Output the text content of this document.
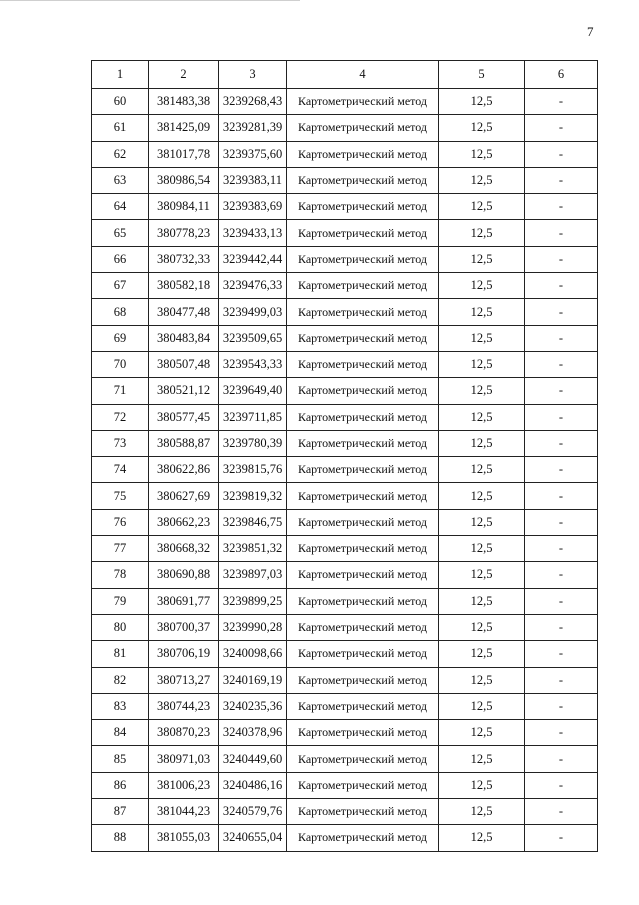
7
1	2	3	4	5	6
60	381483,38	3239268,43	Картометрический метод	12,5	-
61	381425,09	3239281,39	Картометрический метод	12,5	-
62	381017,78	3239375,60	Картометрический метод	12,5	-
63	380986,54	3239383,11	Картометрический метод	12,5	-
64	380984,11	3239383,69	Картометрический метод	12,5	-
65	380778,23	3239433,13	Картометрический метод	12,5	-
66	380732,33	3239442,44	Картометрический метод	12,5	-
67	380582,18	3239476,33	Картометрический метод	12,5	-
68	380477,48	3239499,03	Картометрический метод	12,5	-
69	380483,84	3239509,65	Картометрический метод	12,5	-
70	380507,48	3239543,33	Картометрический метод	12,5	-
71	380521,12	3239649,40	Картометрический метод	12,5	-
72	380577,45	3239711,85	Картометрический метод	12,5	-
73	380588,87	3239780,39	Картометрический метод	12,5	-
74	380622,86	3239815,76	Картометрический метод	12,5	-
75	380627,69	3239819,32	Картометрический метод	12,5	-
76	380662,23	3239846,75	Картометрический метод	12,5	-
77	380668,32	3239851,32	Картометрический метод	12,5	-
78	380690,88	3239897,03	Картометрический метод	12,5	-
79	380691,77	3239899,25	Картометрический метод	12,5	-
80	380700,37	3239990,28	Картометрический метод	12,5	-
81	380706,19	3240098,66	Картометрический метод	12,5	-
82	380713,27	3240169,19	Картометрический метод	12,5	-
83	380744,23	3240235,36	Картометрический метод	12,5	-
84	380870,23	3240378,96	Картометрический метод	12,5	-
85	380971,03	3240449,60	Картометрический метод	12,5	-
86	381006,23	3240486,16	Картометрический метод	12,5	-
87	381044,23	3240579,76	Картометрический метод	12,5	-
88	381055,03	3240655,04	Картометрический метод	12,5	-
